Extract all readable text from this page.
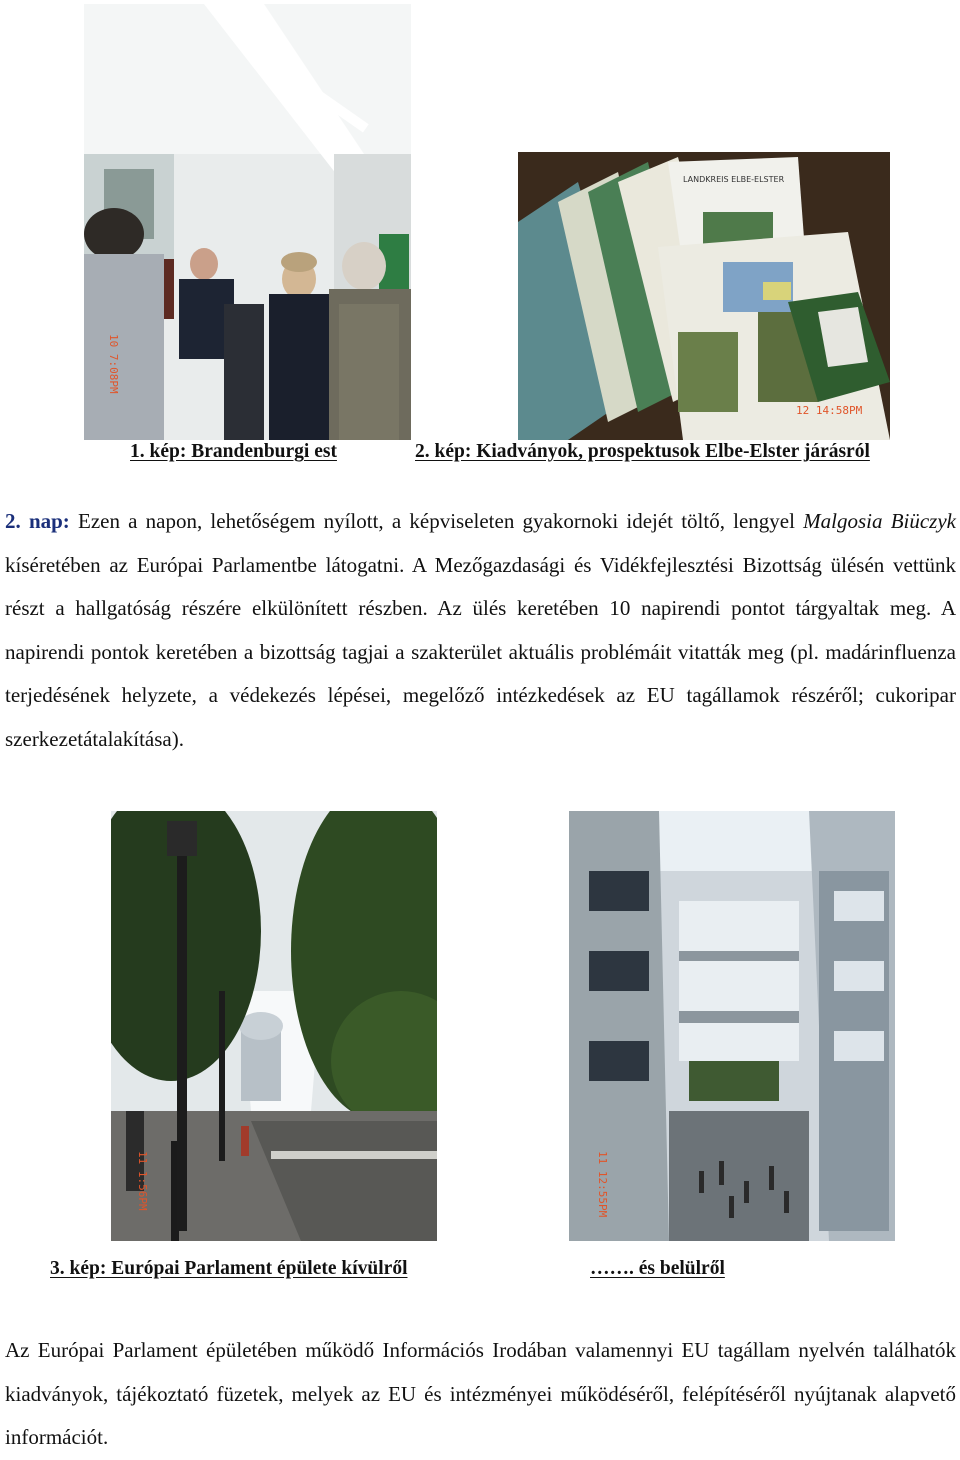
10 7:08PM
LANDKREIS ELBE-ELSTER
12 14:58PM
1. kép: Brandenburgi est	2. kép: Kiadványok, prospektusok Elbe-Elster járásról

2. nap: Ezen a napon, lehetőségem nyílott, a képviseleten gyakornoki idejét töltő, lengyel Malgosia Biüczyk kíséretében az Európai Parlamentbe látogatni. A Mezőgazdasági és Vidékfejlesztési Bizottság ülésén vettünk részt a hallgatóság részére elkülönített részben. Az ülés keretében 10 napirendi pontot tárgyaltak meg. A napirendi pontok keretében a bizottság tagjai a szakterület aktuális problémáit vitatták meg (pl. madárinfluenza terjedésének helyzete, a védekezés lépései, megelőző intézkedések az EU tagállamok részéről; cukoripar szerkezetátalakítása).

11 1:56PM	11 12:55PM
3. kép: Európai Parlament épülete kívülről	……. és belülről

Az Európai Parlament épületében működő Információs Irodában valamennyi EU tagállam nyelvén találhatók kiadványok, tájékoztató füzetek, melyek az EU és intézményei működéséről, felépítéséről nyújtanak alapvető információt.
